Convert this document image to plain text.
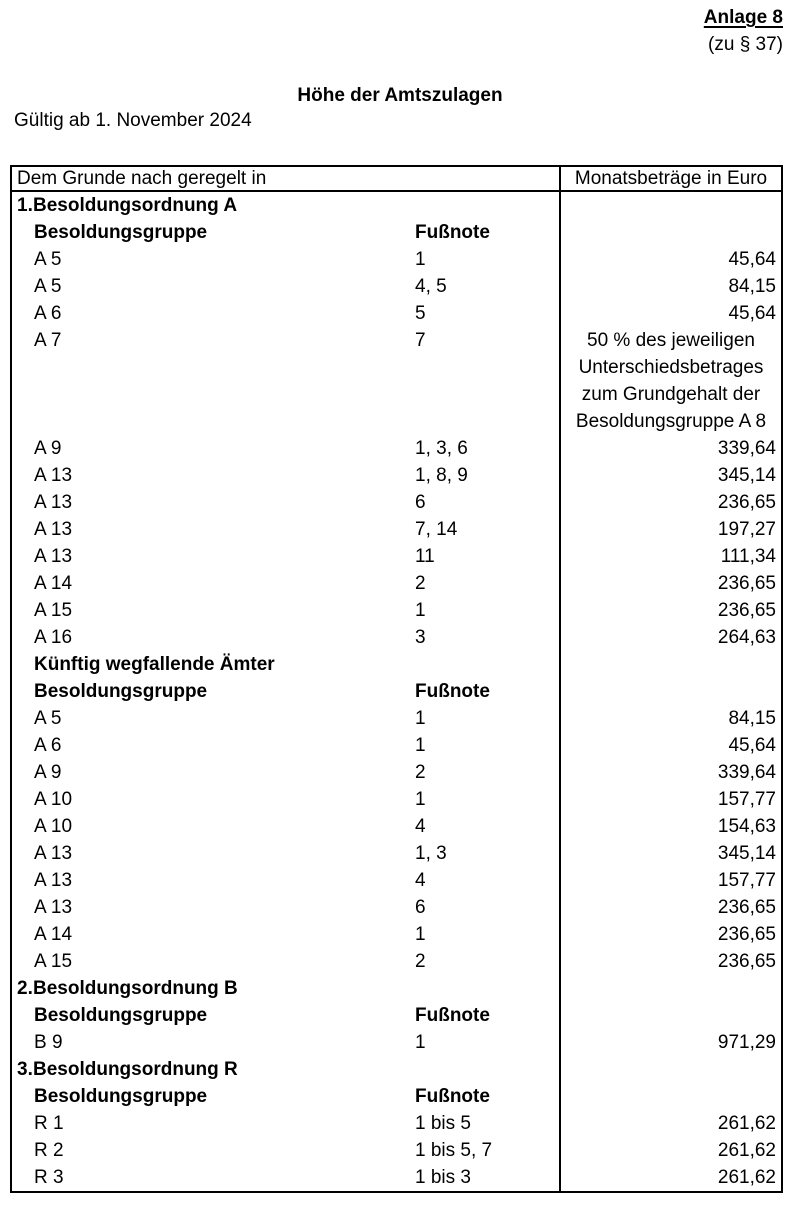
Anlage 8
(zu § 37)
Höhe der Amtszulagen
Gültig ab 1. November 2024
Dem Grunde nach geregelt in	Monatsbeträge in Euro
1.Besoldungsordnung A
Besoldungsgruppe	Fußnote
A 5	1	45,64
A 5	4, 5	84,15
A 6	5	45,64
A 7	7	50 % des jeweiligen
Unterschiedsbetrages
zum Grundgehalt der
Besoldungsgruppe A 8
A 9	1, 3, 6	339,64
A 13	1, 8, 9	345,14
A 13	6	236,65
A 13	7, 14	197,27
A 13	11	111,34
A 14	2	236,65
A 15	1	236,65
A 16	3	264,63
Künftig wegfallende Ämter
Besoldungsgruppe	Fußnote
A 5	1	84,15
A 6	1	45,64
A 9	2	339,64
A 10	1	157,77
A 10	4	154,63
A 13	1, 3	345,14
A 13	4	157,77
A 13	6	236,65
A 14	1	236,65
A 15	2	236,65
2.Besoldungsordnung B
Besoldungsgruppe	Fußnote
B 9	1	971,29
3.Besoldungsordnung R
Besoldungsgruppe	Fußnote
R 1	1 bis 5	261,62
R 2	1 bis 5, 7	261,62
R 3	1 bis 3	261,62
